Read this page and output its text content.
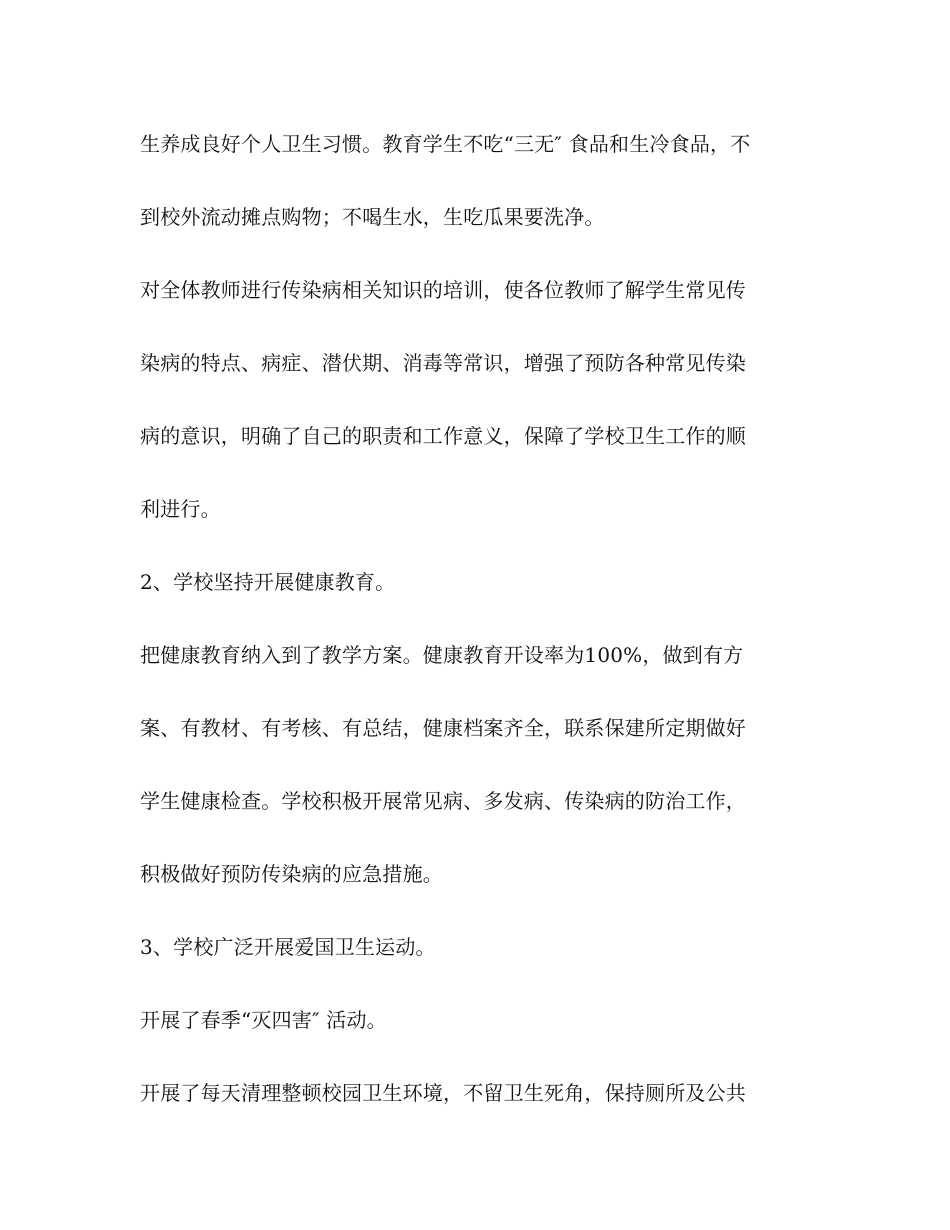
生养成良好个人卫生习惯。教育学生不吃“三无″ 食品和生冷食品，不
到校外流动摊点购物；不喝生水，生吃瓜果要洗净。
对全体教师进行传染病相关知识的培训，使各位教师了解学生常见传
染病的特点、病症、潜伏期、消毒等常识，增强了预防各种常见传染
病的意识，明确了自己的职责和工作意义，保障了学校卫生工作的顺
利进行。
2、学校坚持开展健康教育。
把健康教育纳入到了教学方案。健康教育开设率为100%，做到有方
案、有教材、有考核、有总结，健康档案齐全，联系保建所定期做好
学生健康检查。学校积极开展常见病、多发病、传染病的防治工作，
积极做好预防传染病的应急措施。
3、学校广泛开展爱国卫生运动。
开展了春季“灭四害″ 活动。
开展了每天清理整顿校园卫生环境，不留卫生死角，保持厕所及公共
